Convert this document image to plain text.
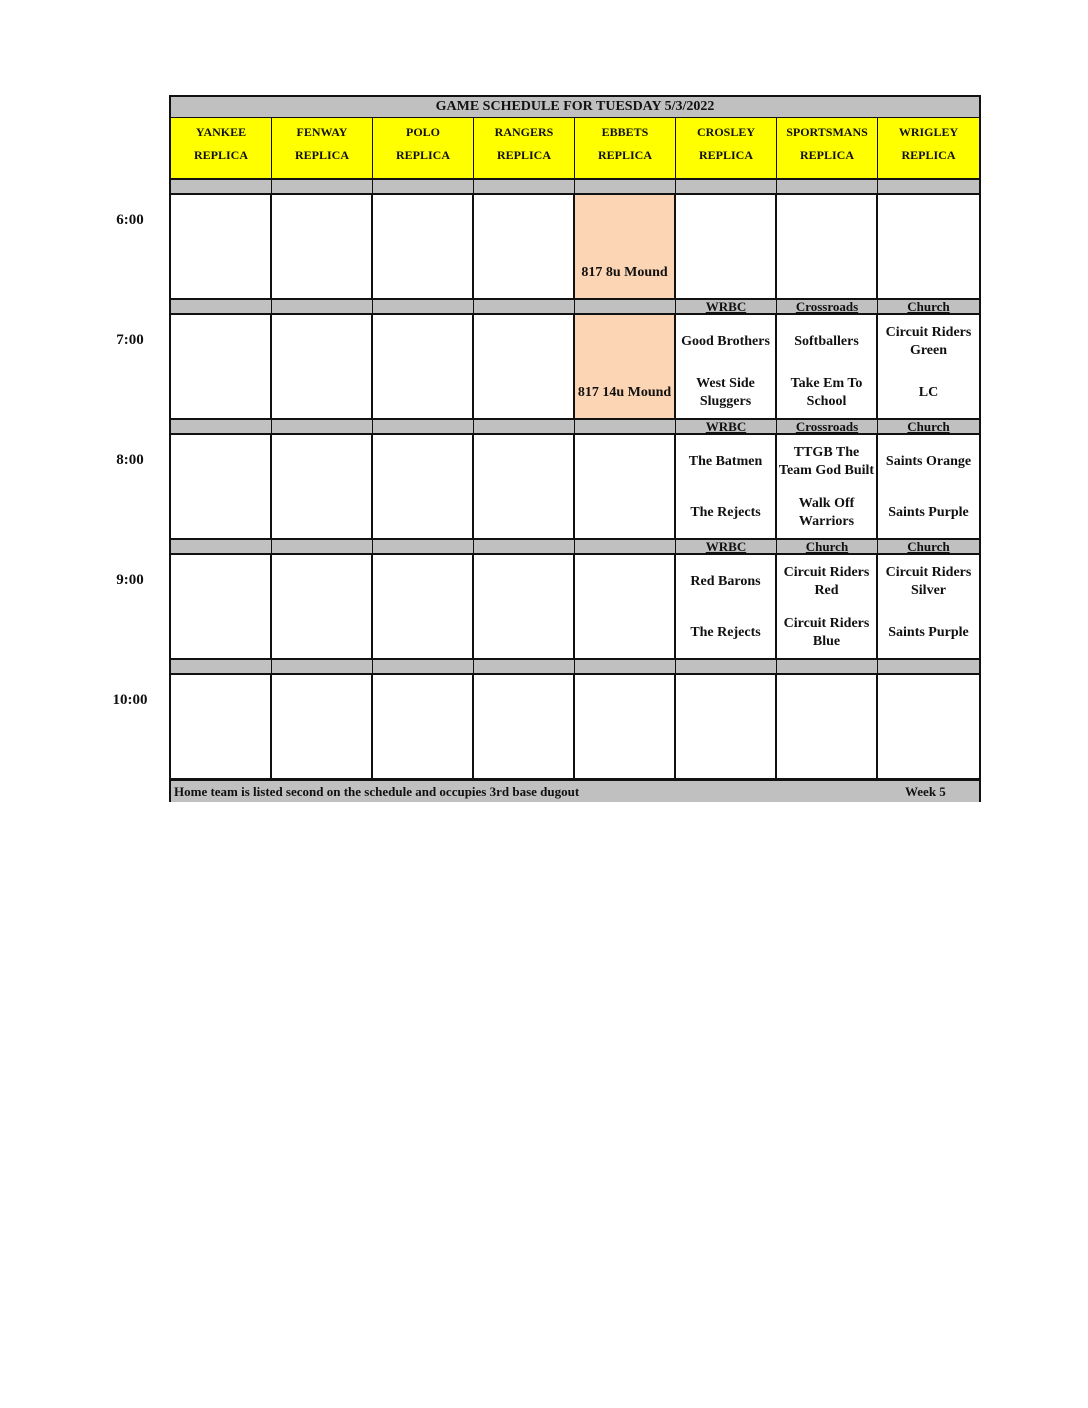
6:00
7:00
8:00
9:00
10:00
GAME SCHEDULE FOR TUESDAY 5/3/2022
YANKEE
REPLICA
FENWAY
REPLICA
POLO
REPLICA
RANGERS
REPLICA
EBBETS
REPLICA
CROSLEY
REPLICA
SPORTSMANS
REPLICA
WRIGLEY
REPLICA
817 8u Mound
817 14u Mound
WRBC
Good Brothers
West Side Sluggers
Crossroads
Softballers
Take Em To School
Church
Circuit Riders Green
LC
WRBC
The Batmen
The Rejects
Crossroads
TTGB The Team God Built
Walk Off Warriors
Church
Saints Orange
Saints Purple
WRBC
Red Barons
The Rejects
Church
Circuit Riders Red
Circuit Riders Blue
Church
Circuit Riders Silver
Saints Purple
Home team is listed second on the schedule and occupies 3rd base dugout	Week 5
